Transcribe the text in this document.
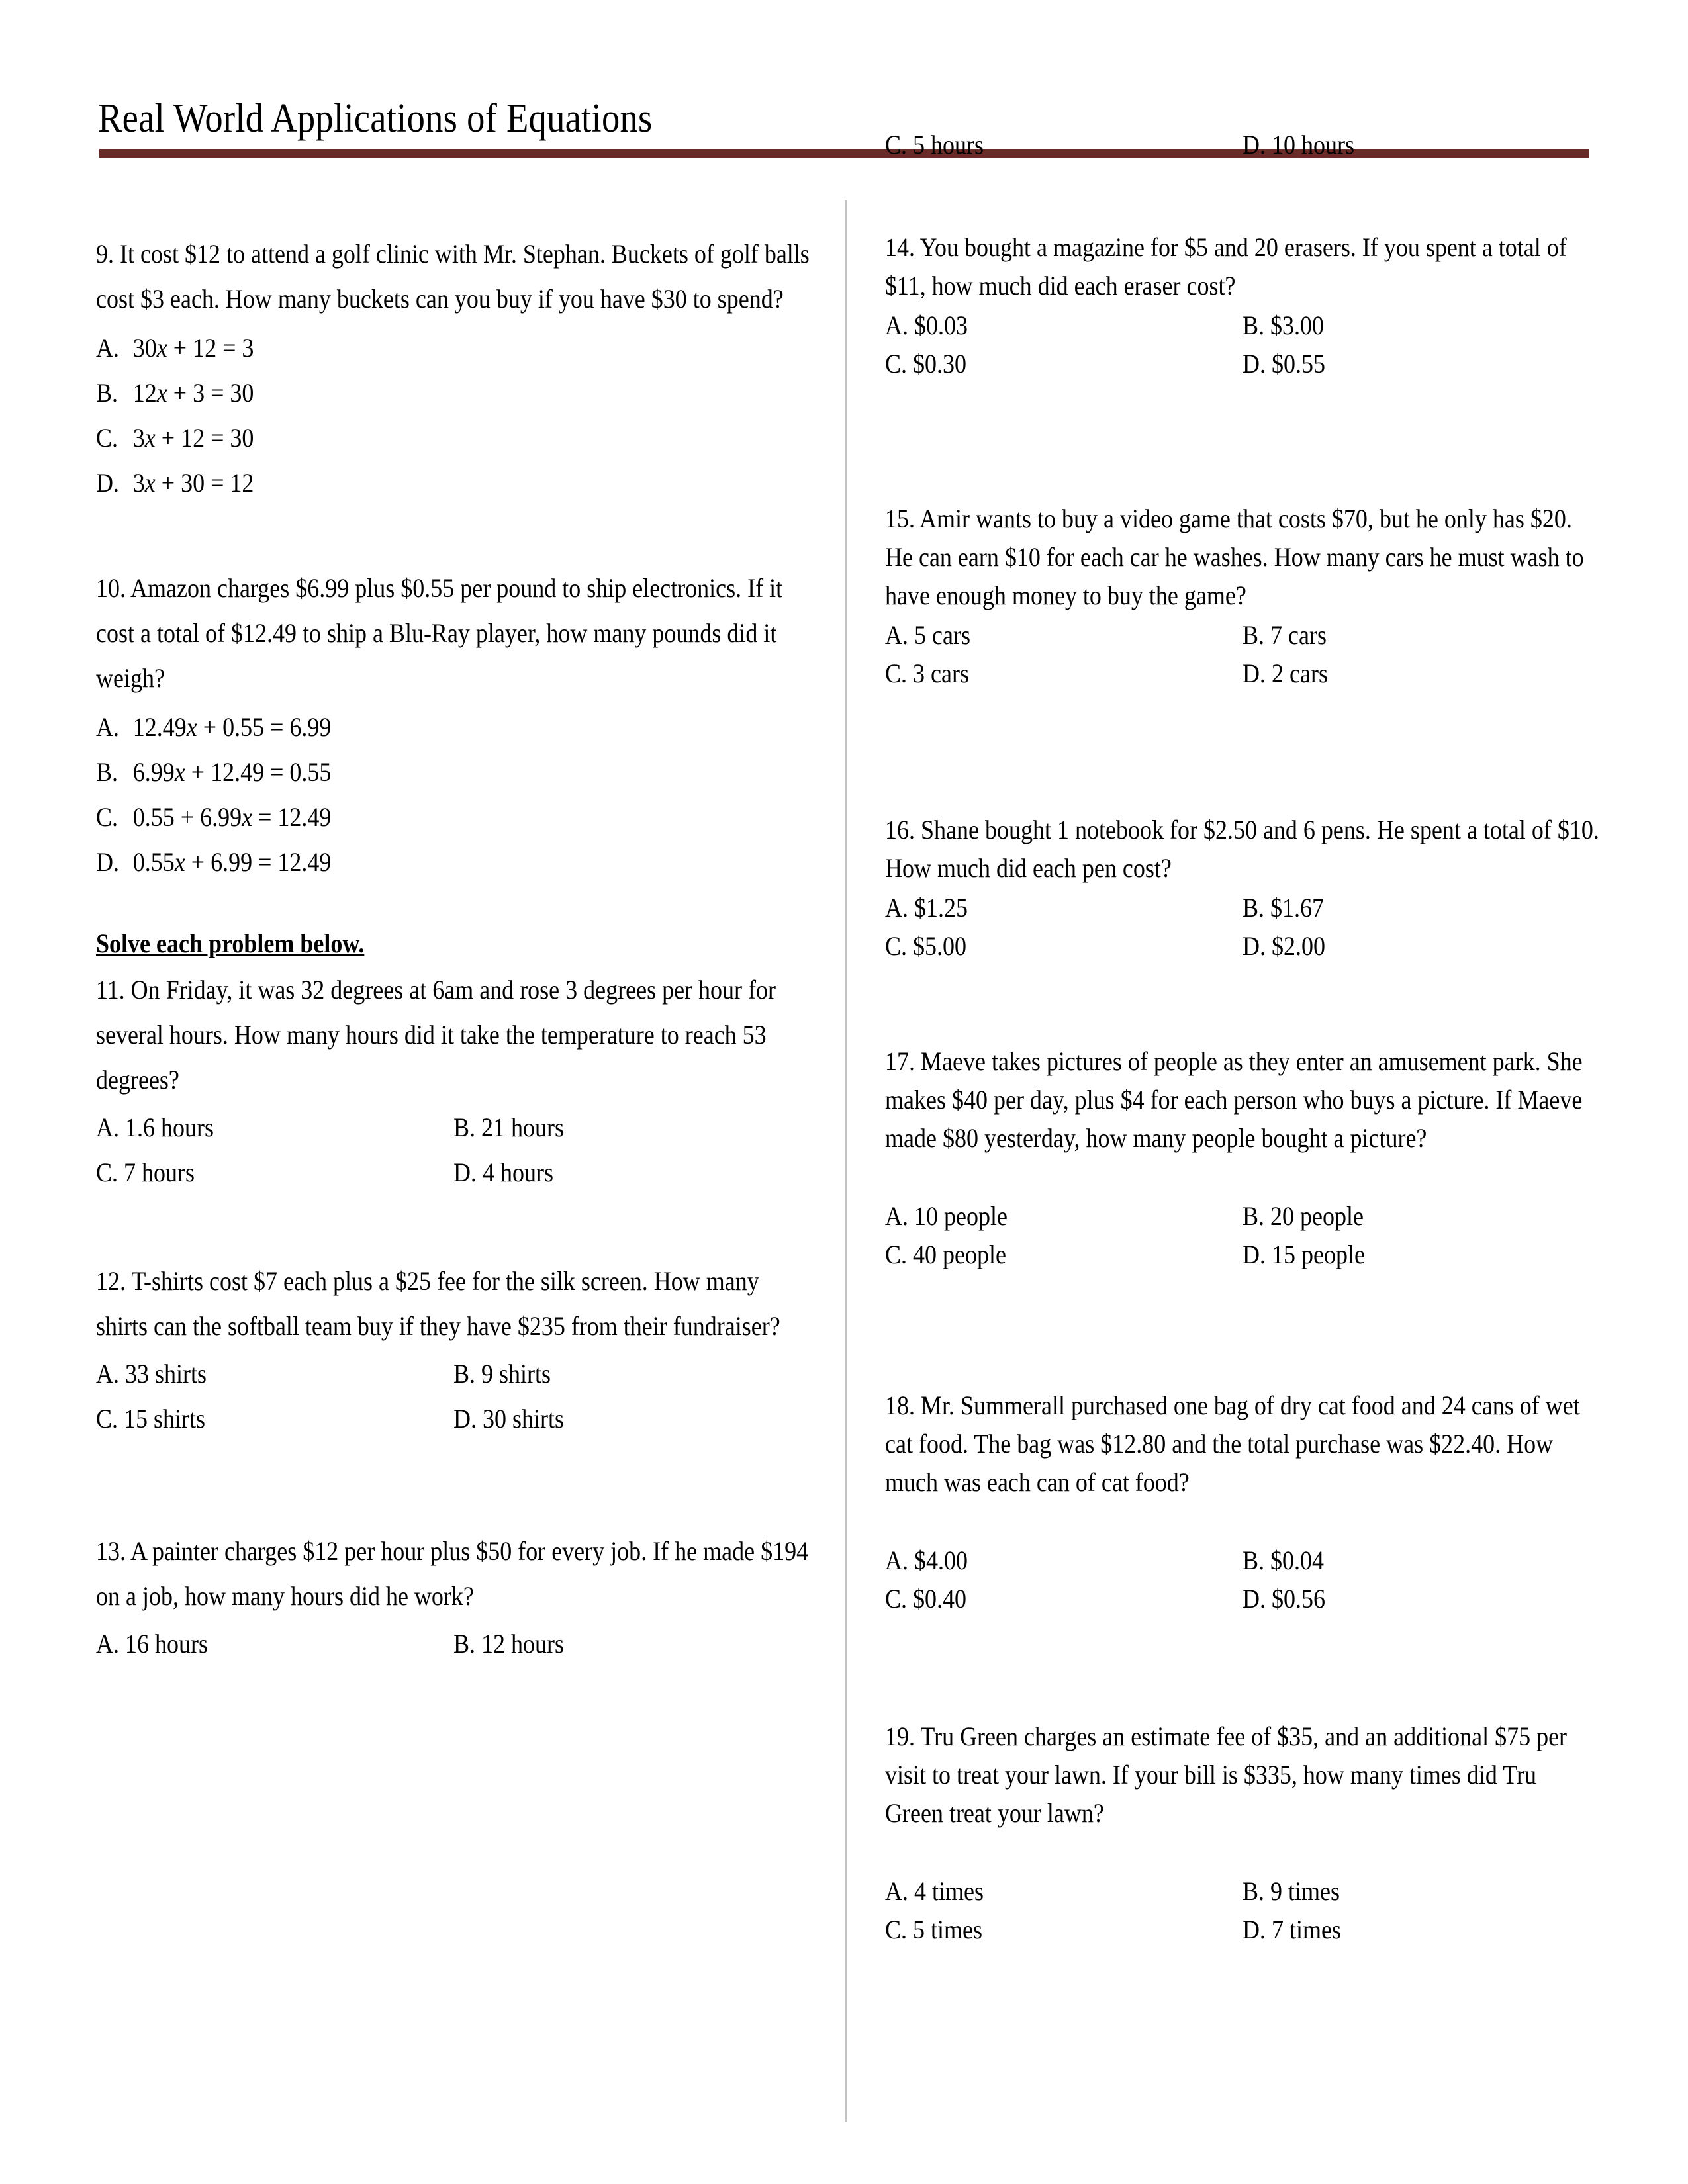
Real World Applications of Equations
9. It cost $12 to attend a golf clinic with Mr. Stephan. Buckets of golf balls cost $3 each. How many buckets can you buy if you have $30 to spend?
A. 30x + 12 = 3
B. 12x + 3 = 30
C. 3x + 12 = 30
D. 3x + 30 = 12
10. Amazon charges $6.99 plus $0.55 per pound to ship electronics. If it cost a total of $12.49 to ship a Blu-Ray player, how many pounds did it weigh?
A. 12.49x + 0.55 = 6.99
B. 6.99x + 12.49 = 0.55
C. 0.55 + 6.99x = 12.49
D. 0.55x + 6.99 = 12.49
Solve each problem below.
11. On Friday, it was 32 degrees at 6am and rose 3 degrees per hour for several hours. How many hours did it take the temperature to reach 53 degrees?
A. 1.6 hours	B. 21 hours
C. 7 hours	D. 4 hours
12. T-shirts cost $7 each plus a $25 fee for the silk screen. How many shirts can the softball team buy if they have $235 from their fundraiser?
A. 33 shirts	B. 9 shirts
C. 15 shirts	D. 30 shirts
13. A painter charges $12 per hour plus $50 for every job. If he made $194 on a job, how many hours did he work?
A. 16 hours	B. 12 hours
C. 5 hours	D. 10 hours
14. You bought a magazine for $5 and 20 erasers. If you spent a total of $11, how much did each eraser cost?
A. $0.03	B. $3.00
C. $0.30	D. $0.55
15. Amir wants to buy a video game that costs $70, but he only has $20. He can earn $10 for each car he washes. How many cars he must wash to have enough money to buy the game?
A. 5 cars	B. 7 cars
C. 3 cars	D. 2 cars
16. Shane bought 1 notebook for $2.50 and 6 pens. He spent a total of $10. How much did each pen cost?
A. $1.25	B. $1.67
C. $5.00	D. $2.00
17. Maeve takes pictures of people as they enter an amusement park. She makes $40 per day, plus $4 for each person who buys a picture. If Maeve made $80 yesterday, how many people bought a picture?
A. 10 people	B. 20 people
C. 40 people	D. 15 people
18. Mr. Summerall purchased one bag of dry cat food and 24 cans of wet cat food. The bag was $12.80 and the total purchase was $22.40. How much was each can of cat food?
A. $4.00	B. $0.04
C. $0.40	D. $0.56
19. Tru Green charges an estimate fee of $35, and an additional $75 per visit to treat your lawn. If your bill is $335, how many times did Tru Green treat your lawn?
A. 4 times	B. 9 times
C. 5 times	D. 7 times
